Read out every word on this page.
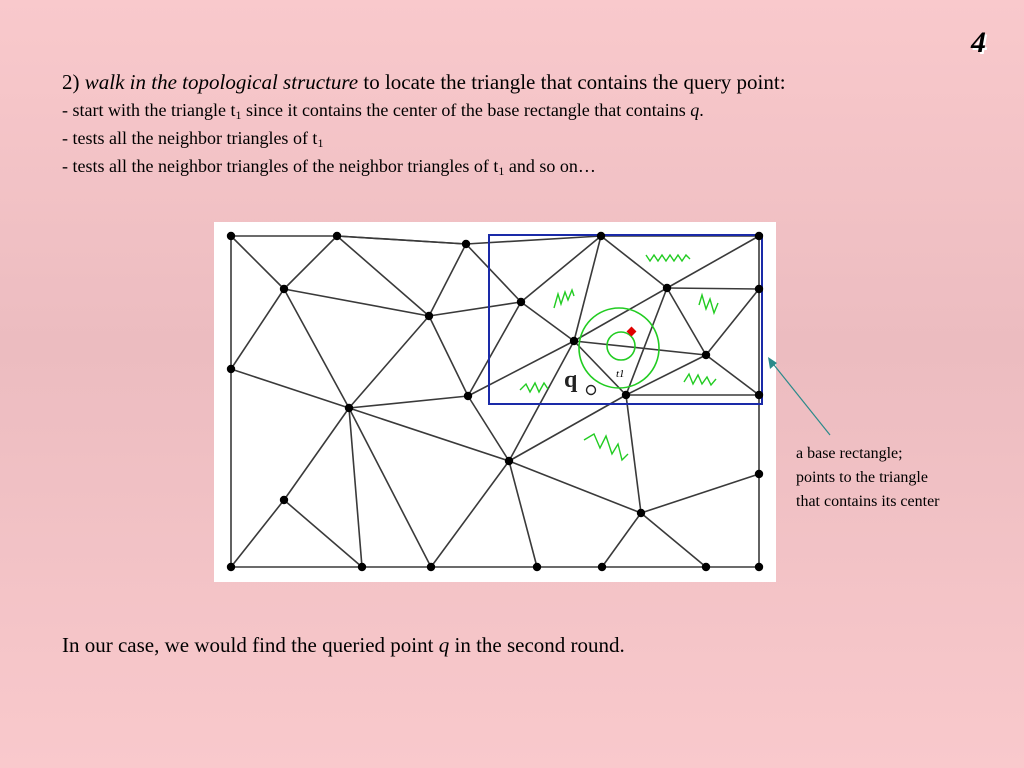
4

2) walk in the topological structure to locate the triangle that contains the query point:

- start with the triangle $t_1$ since it contains the center of the base rectangle that contains q.

- tests all the neighbor triangles of $t_1$

- tests all the neighbor triangles of the neighbor triangles of $t_1$ and so on…

q	t1
a base rectangle;
points to the triangle
that contains its center
In our case, we would find the queried point q in the second round.
